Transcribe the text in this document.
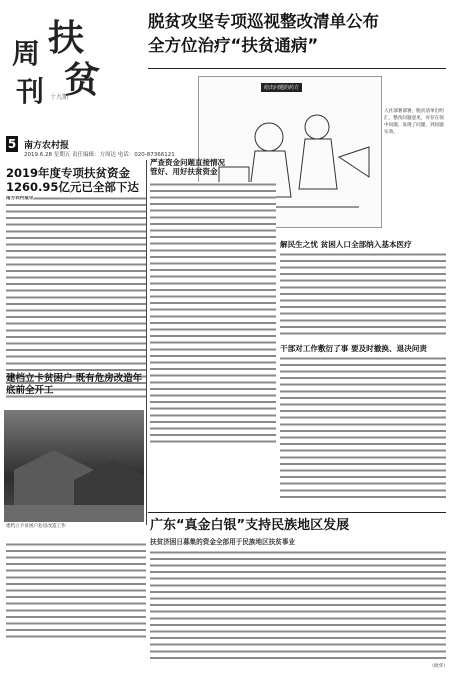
扶
贫
周
刊 十九期
5 南方农村报
2019.6.28 星期五 责任编辑：方周达 电话：020-87366121
脱贫攻坚专项巡视整改清单公布
全方位治疗“扶贫通病”
给出问题的药方
人社部署部署，脱贫清单出明汇，整改问题意见，对存在领中问题，发现了问题，到问题实效。
2019年度专项扶贫资金1260.95亿元已全部下达
南方农村报讯
建档立卡贫困户 既有危房改造年底前全开工
建档立卡贫困户危房改造工作
严查资金问题直接情况
管好、用好扶贫资金
解民生之忧 贫困人口全部纳入基本医疗
干部对工作敷衍了事 要及时撤换、退决问责
广东“真金白银”支持民族地区发展
扶贫济困日募集的资金全部用于民族地区扶贫事业
（欧华）
